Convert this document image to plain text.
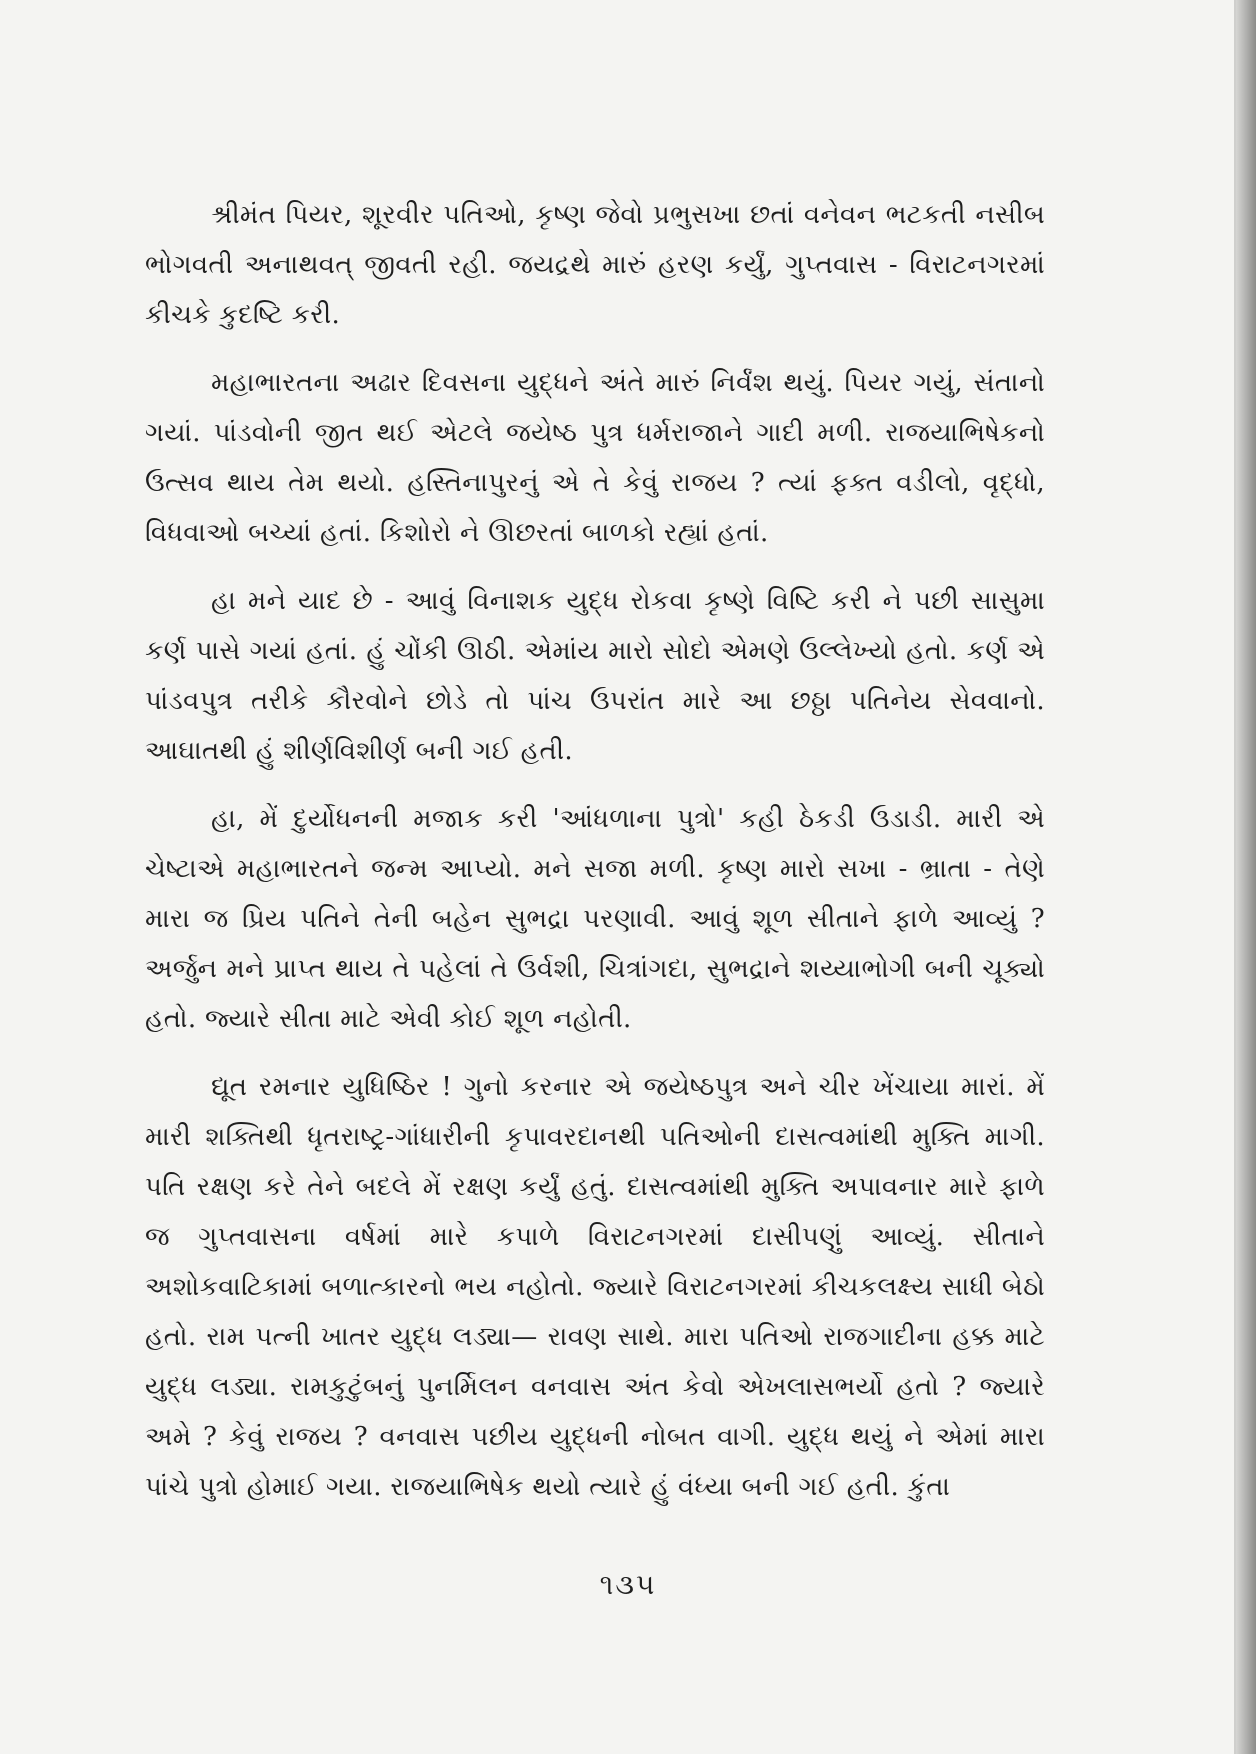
શ્રીમંત પિયર, શૂરવીર પતિઓ, કૃષ્ણ જેવો પ્રભુસખા છતાં વનેવન ભટકતી નસીબ ભોગવતી અનાથવત્ જીવતી રહી. જયદ્રથે મારું હરણ કર્યું, ગુપ્તવાસ - વિરાટનગરમાં કીચકે કુદષ્ટિ કરી.

મહાભારતના અઢાર દિવસના યુદ્ધને અંતે મારું નિર્વંશ થયું. પિયર ગયું, સંતાનો ગયાં. પાંડવોની જીત થઈ એટલે જયેષ્ઠ પુત્ર ધર્મરાજાને ગાદી મળી. રાજયાભિષેકનો ઉત્સવ થાય તેમ થયો. હસ્તિનાપુરનું એ તે કેવું રાજય ? ત્યાં ફક્ત વડીલો, વૃદ્ધો, વિધવાઓ બચ્યાં હતાં. કિશોરો ને ઊછરતાં બાળકો રહ્યાં હતાં.

હા મને યાદ છે - આવું વિનાશક યુદ્ધ રોકવા કૃષ્ણે વિષ્ટિ કરી ને પછી સાસુમા કર્ણ પાસે ગયાં હતાં. હું ચોંકી ઊઠી. એમાંય મારો સોદો એમણે ઉલ્લેખ્યો હતો. કર્ણ એ પાંડવપુત્ર તરીકે કૌરવોને છોડે તો પાંચ ઉપરાંત મારે આ છઠ્ઠા પતિનેય સેવવાનો. આઘાતથી હું શીર્ણવિશીર્ણ બની ગઈ હતી.

હા, મેં દુર્યોધનની મજાક કરી 'આંધળાના પુત્રો' કહી ઠેકડી ઉડાડી. મારી એ ચેષ્ટાએ મહાભારતને જન્મ આપ્યો. મને સજા મળી. કૃષ્ણ મારો સખા - ભ્રાતા - તેણે મારા જ પ્રિય પતિને તેની બહેન સુભદ્રા પરણાવી. આવું શૂળ સીતાને ફાળે આવ્યું ? અર્જુન મને પ્રાપ્ત થાય તે પહેલાં તે ઉર્વશી, ચિત્રાંગદા, સુભદ્રાને શય્યાભોગી બની ચૂક્યો હતો. જ્યારે સીતા માટે એવી કોઈ શૂળ નહોતી.

દ્યૂત રમનાર યુધિષ્ઠિર ! ગુનો કરનાર એ જયેષ્ઠપુત્ર અને ચીર ખેંચાયા મારાં. મેં મારી શક્તિથી ધૃતરાષ્ટ્ર-ગાંધારીની કૃપાવરદાનથી પતિઓની દાસત્વમાંથી મુક્તિ માગી. પતિ રક્ષણ કરે તેને બદલે મેં રક્ષણ કર્યું હતું. દાસત્વમાંથી મુક્તિ અપાવનાર મારે ફાળે જ ગુપ્તવાસના વર્ષમાં મારે કપાળે વિરાટનગરમાં દાસીપણું આવ્યું. સીતાને અશોકવાટિકામાં બળાત્કારનો ભય નહોતો. જ્યારે વિરાટનગરમાં કીચકલક્ષ્ય સાધી બેઠો હતો. રામ પત્ની ખાતર યુદ્ધ લડ્યા— રાવણ સાથે. મારા પતિઓ રાજગાદીના હક્ક માટે યુદ્ધ લડ્યા. રામકુટુંબનું પુનર્મિલન વનવાસ અંત કેવો એખલાસભર્યો હતો ? જ્યારે અમે ? કેવું રાજય ? વનવાસ પછીય યુદ્ધની નોબત વાગી. યુદ્ધ થયું ને એમાં મારા પાંચે પુત્રો હોમાઈ ગયા. રાજયાભિષેક થયો ત્યારે હું વંધ્યા બની ગઈ હતી. કુંતા

૧૩૫
